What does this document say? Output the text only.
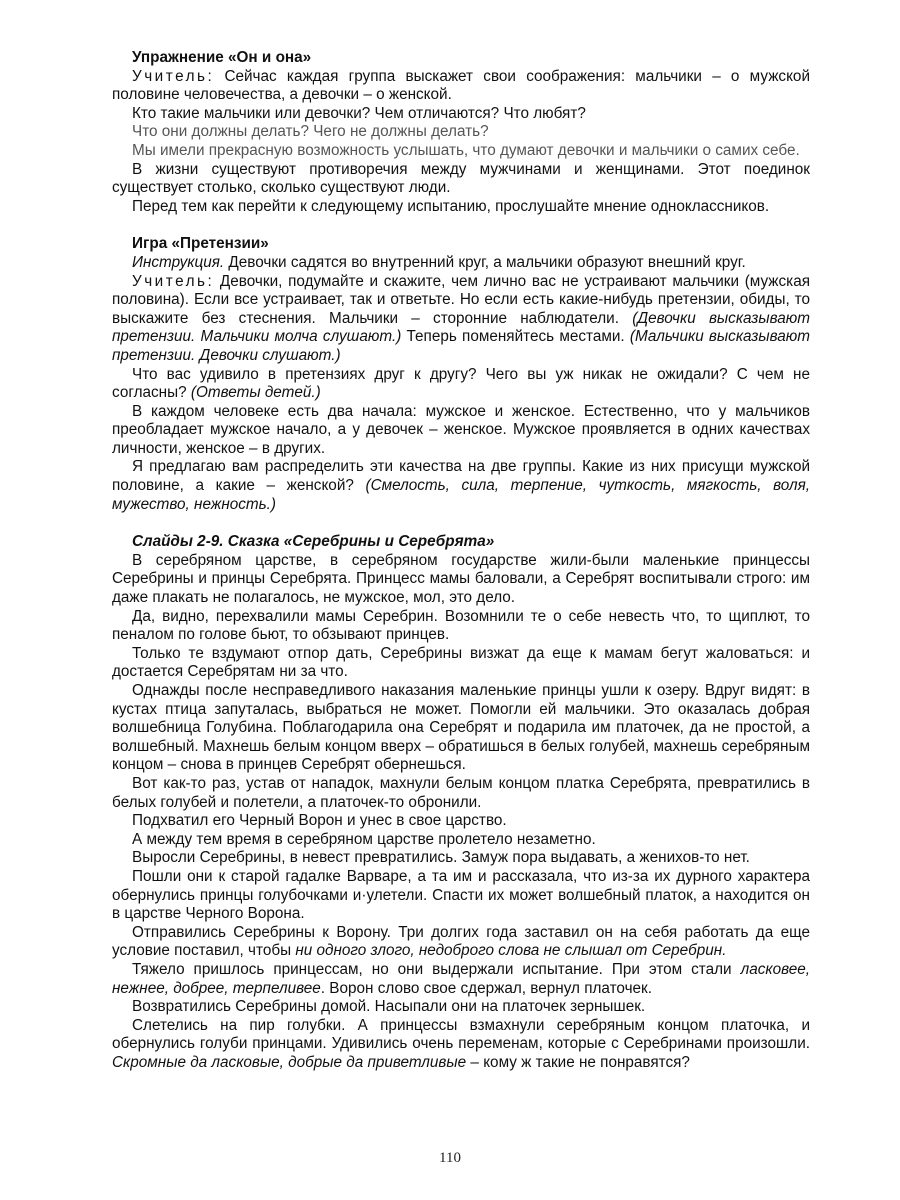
Упражнение «Он и она»

Учитель: Сейчас каждая группа выскажет свои соображения: мальчики – о мужской половине человечества, а девочки – о женской.

Кто такие мальчики или девочки? Чем отличаются? Что любят?

Что они должны делать? Чего не должны делать?

Мы имели прекрасную возможность услышать, что думают девочки и мальчики о самих себе.

В жизни существуют противоречия между мужчинами и женщинами. Этот поединок существует столько, сколько существуют люди.

Перед тем как перейти к следующему испытанию, прослушайте мнение одноклассников.

Игра «Претензии»

Инструкция. Девочки садятся во внутренний круг, а мальчики образуют внешний круг.

Учитель: Девочки, подумайте и скажите, чем лично вас не устраивают мальчики (мужская половина). Если все устраивает, так и ответьте. Но если есть какие-нибудь претензии, обиды, то выскажите без стеснения. Мальчики – сторонние наблюдатели. (Девочки высказывают претензии. Мальчики молча слушают.) Теперь поменяйтесь местами. (Мальчики высказывают претензии. Девочки слушают.)

Что вас удивило в претензиях друг к другу? Чего вы уж никак не ожидали? С чем не согласны? (Ответы детей.)

В каждом человеке есть два начала: мужское и женское. Естественно, что у мальчиков преобладает мужское начало, а у девочек – женское. Мужское проявляется в одних качествах личности, женское – в других.

Я предлагаю вам распределить эти качества на две группы. Какие из них присущи мужской половине, а какие – женской? (Смелость, сила, терпение, чуткость, мягкость, воля, мужество, нежность.)

Слайды 2-9. Сказка «Серебрины и Серебрята»

В серебряном царстве, в серебряном государстве жили-были маленькие принцессы Серебрины и принцы Серебрята. Принцесс мамы баловали, а Серебрят воспитывали строго: им даже плакать не полагалось, не мужское, мол, это дело.

Да, видно, перехвалили мамы Серебрин. Возомнили те о себе невесть что, то щиплют, то пеналом по голове бьют, то обзывают принцев.

Только те вздумают отпор дать, Серебрины визжат да еще к мамам бегут жаловаться: и достается Серебрятам ни за что.

Однажды после несправедливого наказания маленькие принцы ушли к озеру. Вдруг видят: в кустах птица запуталась, выбраться не может. Помогли ей мальчики. Это оказалась добрая волшебница Голубина. Поблагодарила она Серебрят и подарила им платочек, да не простой, а волшебный. Махнешь белым концом вверх – обратишься в белых голубей, махнешь серебряным концом – снова в принцев Серебрят обернешься.

Вот как-то раз, устав от нападок, махнули белым концом платка Серебрята, превратились в белых голубей и полетели, а платочек-то обронили.

Подхватил его Черный Ворон и унес в свое царство.

А между тем время в серебряном царстве пролетело незаметно.

Выросли Серебрины, в невест превратились. Замуж пора выдавать, а женихов-то нет.

Пошли они к старой гадалке Варваре, а та им и рассказала, что из-за их дурного характера обернулись принцы голубочками и·улетели. Спасти их может волшебный платок, а находится он в царстве Черного Ворона.

Отправились Серебрины к Ворону. Три долгих года заставил он на себя работать да еще условие поставил, чтобы ни одного злого, недоброго слова не слышал от Серебрин.

Тяжело пришлось принцессам, но они выдержали испытание. При этом стали ласковее, нежнее, добрее, терпеливее. Ворон слово свое сдержал, вернул платочек.

Возвратились Серебрины домой. Насыпали они на платочек зернышек.

Слетелись на пир голубки. А принцессы взмахнули серебряным концом платочка, и обернулись голуби принцами. Удивились очень переменам, которые с Серебринами произошли. Скромные да ласковые, добрые да приветливые – кому ж такие не понравятся?

110
